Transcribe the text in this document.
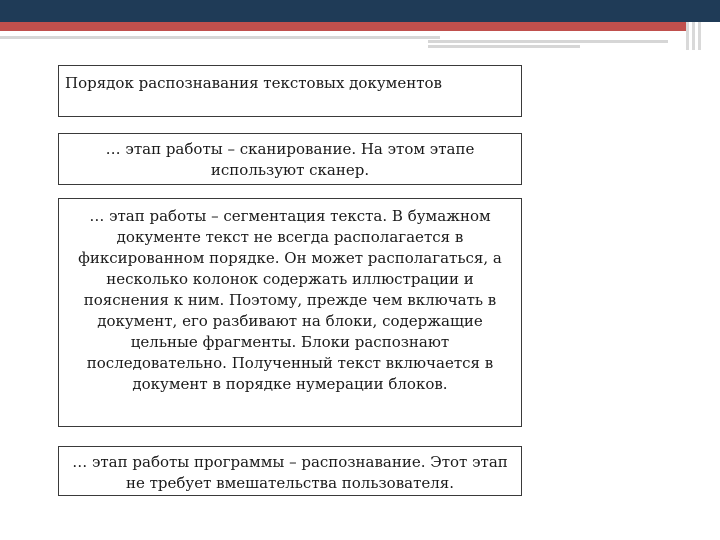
Порядок распознавания текстовых документов
… этап работы – сканирование. На этом этапе используют сканер.
… этап работы – сегментация текста. В бумажном документе текст не всегда располагается в фиксированном порядке. Он может располагаться, а несколько колонок содержать иллюстрации и пояснения к ним. Поэтому, прежде чем включать в документ, его разбивают на блоки, содержащие цельные фрагменты. Блоки распознают последовательно. Полученный текст включается в документ в порядке нумерации блоков.
… этап работы программы – распознавание. Этот этап не требует вмешательства пользователя.
